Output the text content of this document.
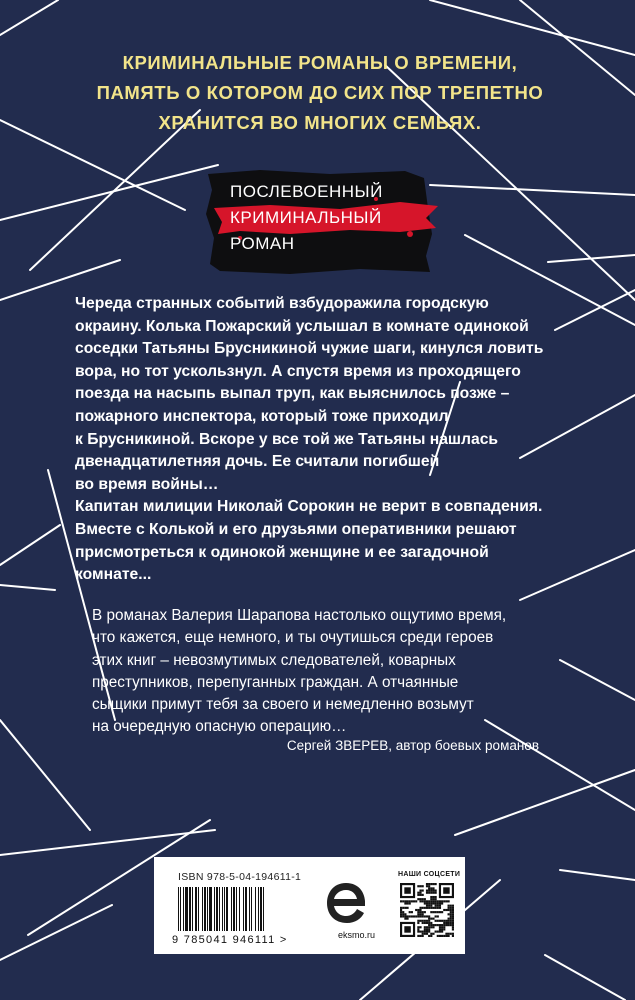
КРИМИНАЛЬНЫЕ РОМАНЫ О ВРЕМЕНИ,
ПАМЯТЬ О КОТОРОМ ДО СИХ ПОР ТРЕПЕТНО
ХРАНИТСЯ ВО МНОГИХ СЕМЬЯХ.
ПОСЛЕВОЕННЫЙ
КРИМИНАЛЬНЫЙ
РОМАН

Череда странных событий взбудоражила городскую

окраину. Колька Пожарский услышал в комнате одинокой

соседки Татьяны Брусникиной чужие шаги, кинулся ловить

вора, но тот ускользнул. А спустя время из проходящего

поезда на насыпь выпал труп, как выяснилось позже –

пожарного инспектора, который тоже приходил

к Брусникиной. Вскоре у все той же Татьяны нашлась

двенадцатилетняя дочь. Ее считали погибшей

во время войны…

Капитан милиции Николай Сорокин не верит в совпадения.

Вместе с Колькой и его друзьями оперативники решают

присмотреться к одинокой женщине и ее загадочной

комнате...

В романах Валерия Шарапова настолько ощутимо время,

что кажется, еще немного, и ты очутишься среди героев

этих книг – невозмутимых следователей, коварных

преступников, перепуганных граждан. А отчаянные

сыщики примут тебя за своего и немедленно возьмут

на очередную опасную операцию…

Сергей ЗВЕРЕВ, автор боевых романов
ISBN 978-5-04-194611-1
9 785041 946111 >	eksmo.ru
НАШИ СОЦСЕТИ
